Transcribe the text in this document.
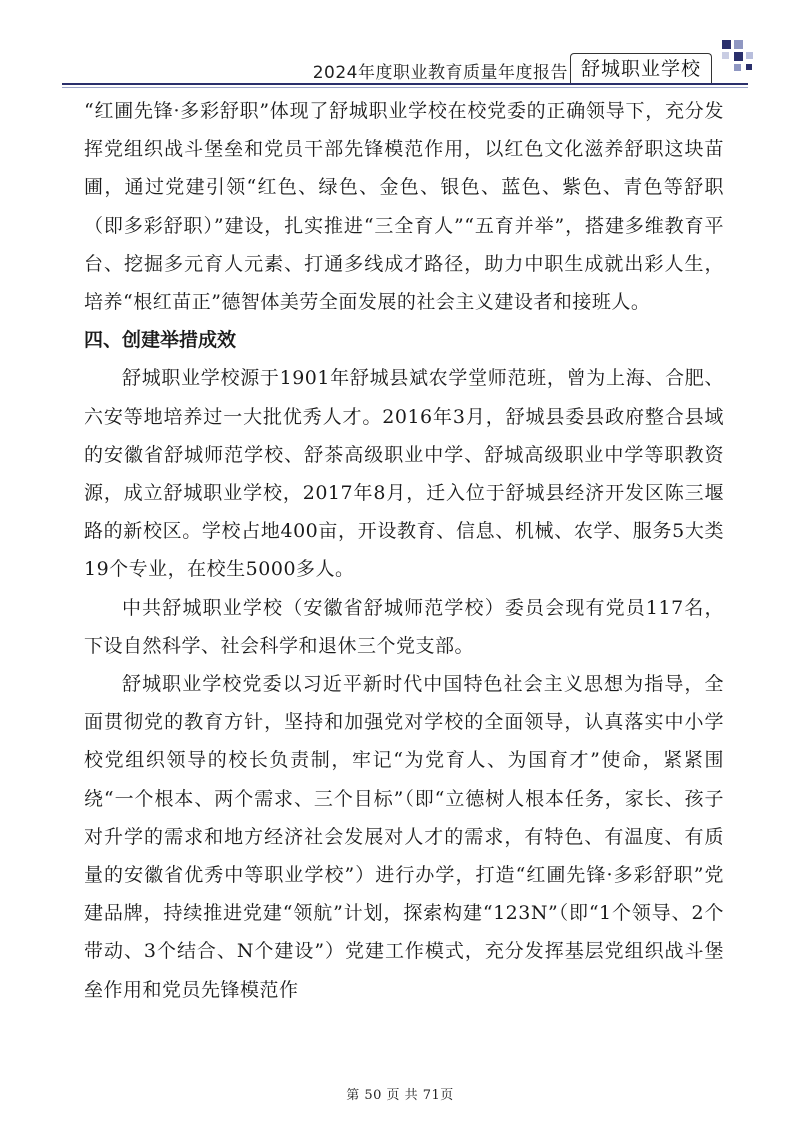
2024年度职业教育质量年度报告 舒城职业学校

“红圃先锋·多彩舒职”体现了舒城职业学校在校党委的正确领导下，充分发挥党组织战斗堡垒和党员干部先锋模范作用，以红色文化滋养舒职这块苗圃，通过党建引领“红色、绿色、金色、银色、蓝色、紫色、青色等舒职（即多彩舒职）”建设，扎实推进“三全育人”“五育并举”，搭建多维教育平台、挖掘多元育人元素、打通多线成才路径，助力中职生成就出彩人生，培养“根红苗正”德智体美劳全面发展的社会主义建设者和接班人。

四、创建举措成效

舒城职业学校源于1901年舒城县斌农学堂师范班，曾为上海、合肥、六安等地培养过一大批优秀人才。2016年3月，舒城县委县政府整合县域的安徽省舒城师范学校、舒茶高级职业中学、舒城高级职业中学等职教资源，成立舒城职业学校，2017年8月，迁入位于舒城县经济开发区陈三堰路的新校区。学校占地400亩，开设教育、信息、机械、农学、服务5大类19个专业，在校生5000多人。

中共舒城职业学校（安徽省舒城师范学校）委员会现有党员117名，下设自然科学、社会科学和退休三个党支部。

舒城职业学校党委以习近平新时代中国特色社会主义思想为指导，全面贯彻党的教育方针，坚持和加强党对学校的全面领导，认真落实中小学校党组织领导的校长负责制，牢记“为党育人、为国育才”使命，紧紧围绕“一个根本、两个需求、三个目标”（即“立德树人根本任务，家长、孩子对升学的需求和地方经济社会发展对人才的需求，有特色、有温度、有质量的安徽省优秀中等职业学校”）进行办学，打造“红圃先锋·多彩舒职”党建品牌，持续推进党建“领航”计划，探索构建“123N”（即“1个领导、2个带动、3个结合、N个建设”）党建工作模式，充分发挥基层党组织战斗堡垒作用和党员先锋模范作

第 50 页 共 71页
